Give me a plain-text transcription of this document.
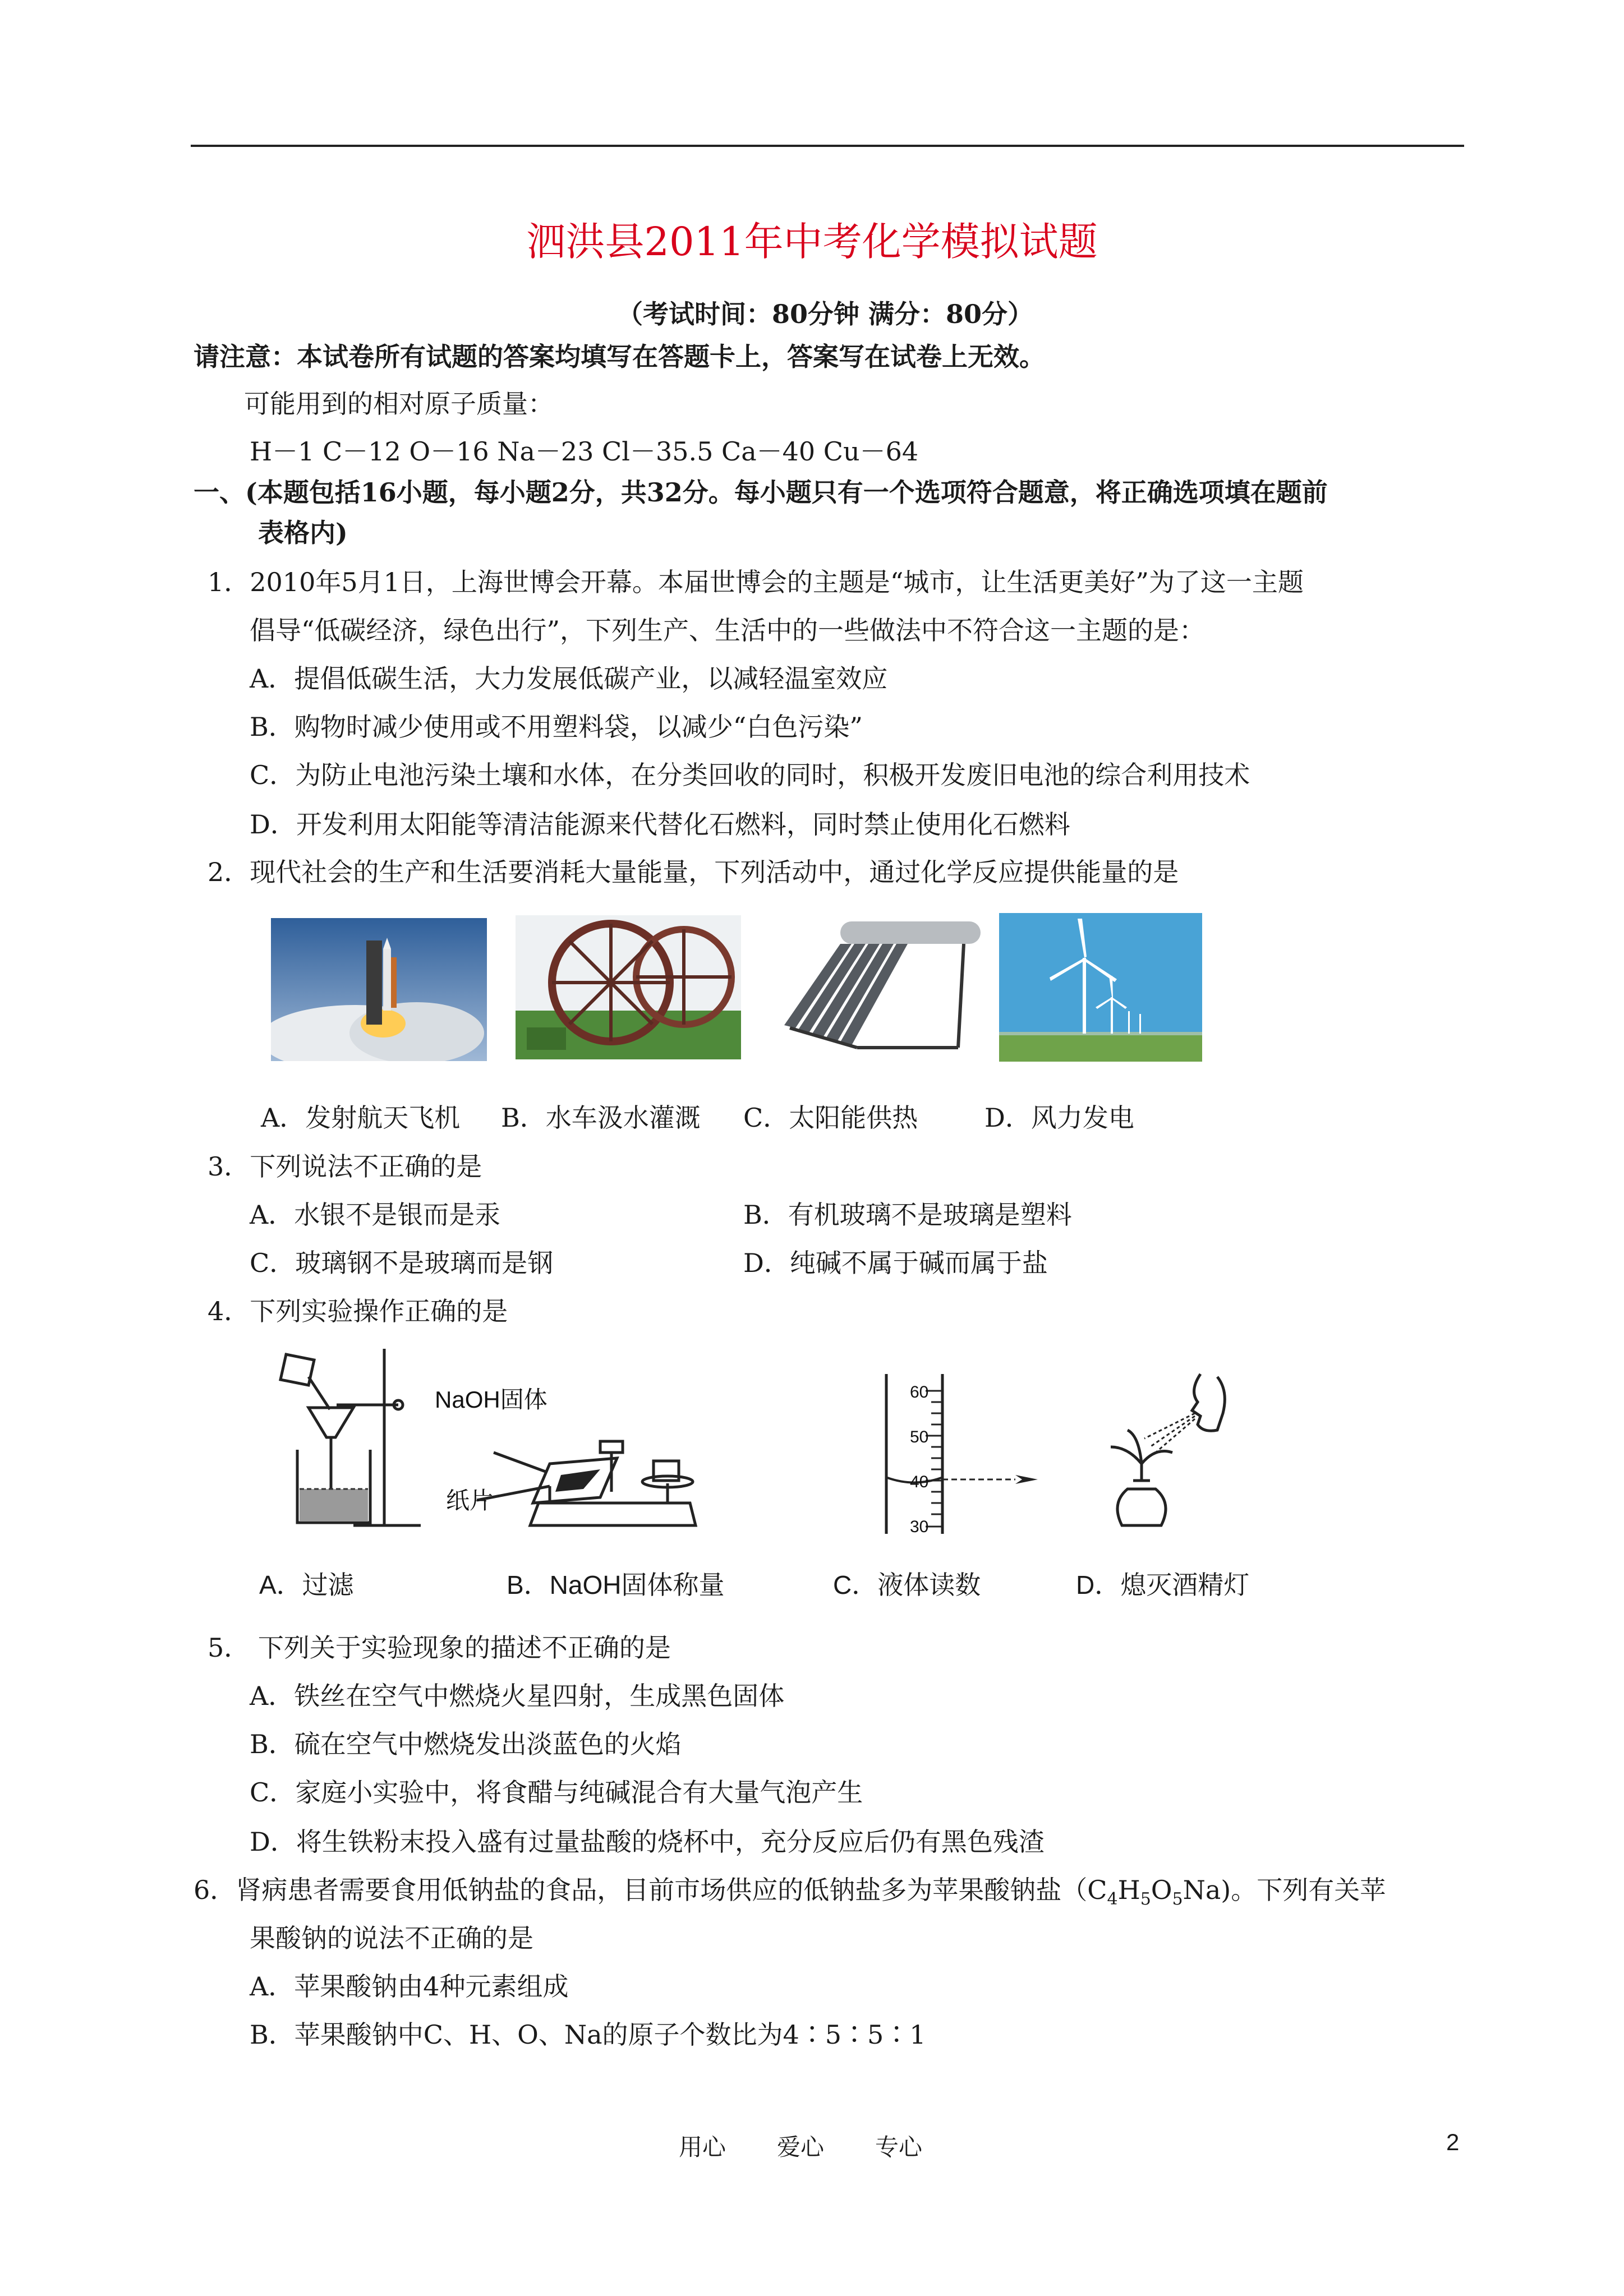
泗洪县2011年中考化学模拟试题
（考试时间：80分钟 满分：80分）
请注意：本试卷所有试题的答案均填写在答题卡上，答案写在试卷上无效。
可能用到的相对原子质量：
H－1 C－12 O－16 Na－23 Cl－35.5 Ca－40 Cu－64
一、(本题包括16小题，每小题2分，共32分。每小题只有一个选项符合题意，将正确选项填在题前
表格内)
1．2010年5月1日，上海世博会开幕。本届世博会的主题是“城市，让生活更美好”为了这一主题
倡导“低碳经济，绿色出行”，下列生产、生活中的一些做法中不符合这一主题的是：
A．提倡低碳生活，大力发展低碳产业，以减轻温室效应
B．购物时减少使用或不用塑料袋，以减少“白色污染”
C．为防止电池污染土壤和水体，在分类回收的同时，积极开发废旧电池的综合利用技术
D．开发利用太阳能等清洁能源来代替化石燃料，同时禁止使用化石燃料
2．现代社会的生产和生活要消耗大量能量，下列活动中，通过化学反应提供能量的是
A．发射航天飞机 B．水车汲水灌溉 C．太阳能供热	D．风力发电
3．下列说法不正确的是
A．水银不是银而是汞	B．有机玻璃不是玻璃是塑料
C．玻璃钢不是玻璃而是钢	D．纯碱不属于碱而属于盐
4．下列实验操作正确的是
NaOH固体
纸片
60
50
40
30
A．过滤	B．NaOH固体称量	C．液体读数	D．熄灭酒精灯
5． 下列关于实验现象的描述不正确的是
A．铁丝在空气中燃烧火星四射，生成黑色固体
B．硫在空气中燃烧发出淡蓝色的火焰
C．家庭小实验中，将食醋与纯碱混合有大量气泡产生
D．将生铁粉末投入盛有过量盐酸的烧杯中，充分反应后仍有黑色残渣
6．肾病患者需要食用低钠盐的食品，目前市场供应的低钠盐多为苹果酸钠盐$(C_4H_5O_5Na)$。下列有关苹
果酸钠的说法不正确的是
A．苹果酸钠由4种元素组成
B．苹果酸钠中C、H、O、Na的原子个数比为4∶5∶5∶1
用心 爱心 专心	2
